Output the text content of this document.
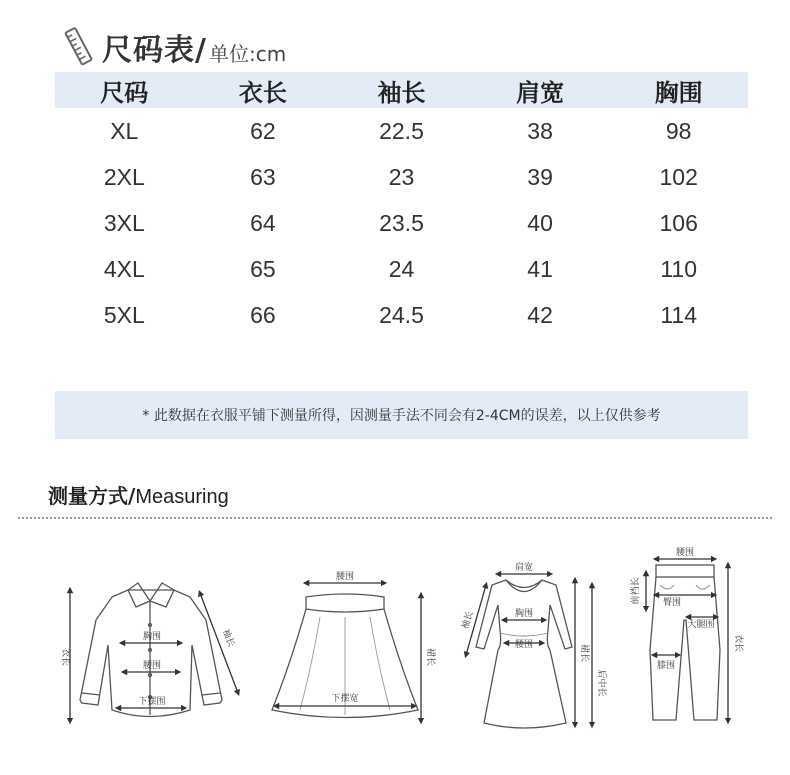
尺码表/ 单位:cm
尺码	衣长	袖长	肩宽	胸围
XL	62	22.5	38	98
2XL	63	23	39	102
3XL	64	23.5	40	106
4XL	65	24	41	110
5XL	66	24.5	42	114
* 此数据在衣服平铺下测量所得，因测量手法不同会有2-4CM的误差，以上仅供参考
测量方式/ Measuring
衣长
胸围
腰围
下摆围
袖长
腰围
裙长
下摆宽
肩宽
胸围
腰围
袖长
裙长
后中长
腰围
前裆长 臀围
大腿围
膝围
衣长
